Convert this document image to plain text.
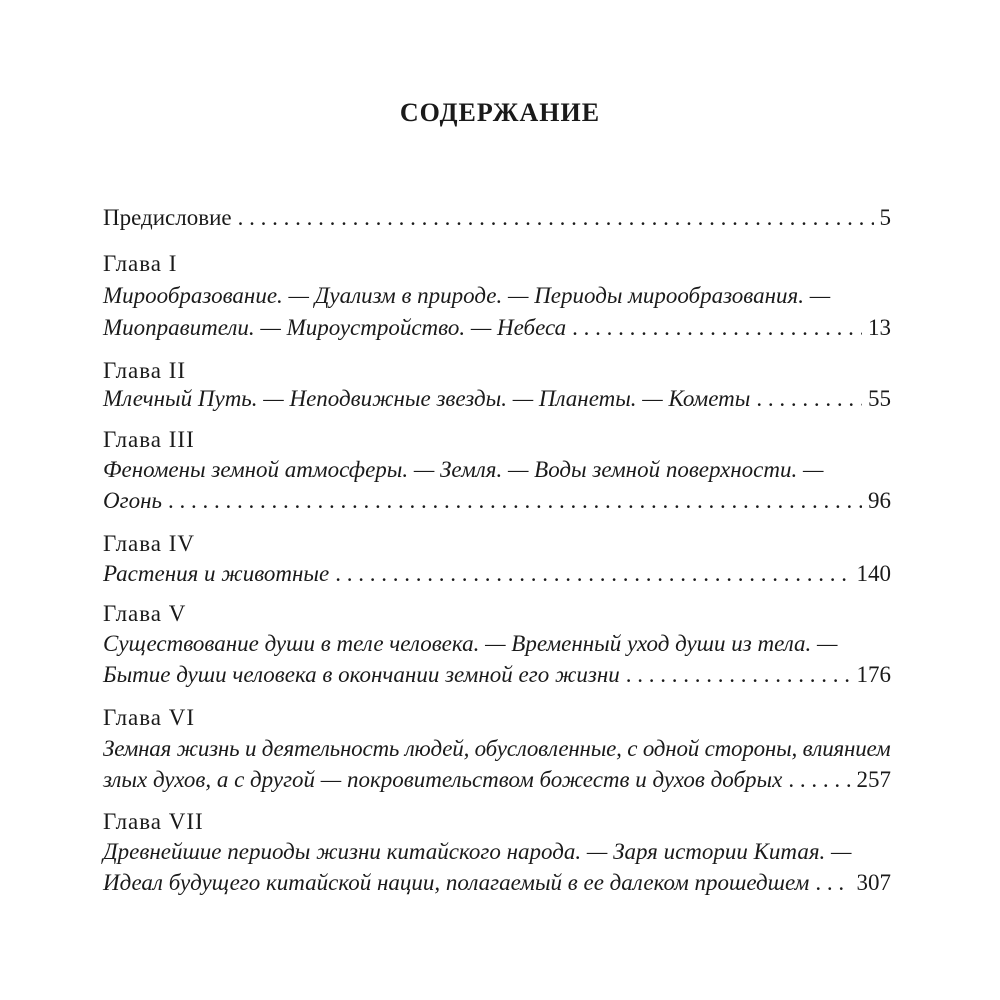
СОДЕРЖАНИЕ
Предисловие . . .	5
Глава I
Мирообразование. — Дуализм в природе. — Периоды мирообразования. —
Миоправители. — Мироустройство. — Небеса . . .	13
Глава II
Млечный Путь. — Неподвижные звезды. — Планеты. — Кометы . . .	55
Глава III
Феномены земной атмосферы. — Земля. — Воды земной поверхности. —
Огонь . . .	96
Глава IV
Растения и животные . . .	140
Глава V
Существование души в теле человека. — Временный уход души из тела. —
Бытие души человека в окончании земной его жизни . . .	176
Глава VI
Земная жизнь и деятельность людей, обусловленные, с одной стороны, влиянием
злых духов, а с другой — покровительством божеств и духов добрых . . .	257
Глава VII
Древнейшие периоды жизни китайского народа. — Заря истории Китая. —
Идеал будущего китайской нации, полагаемый в ее далеком прошедшем . . . 307
